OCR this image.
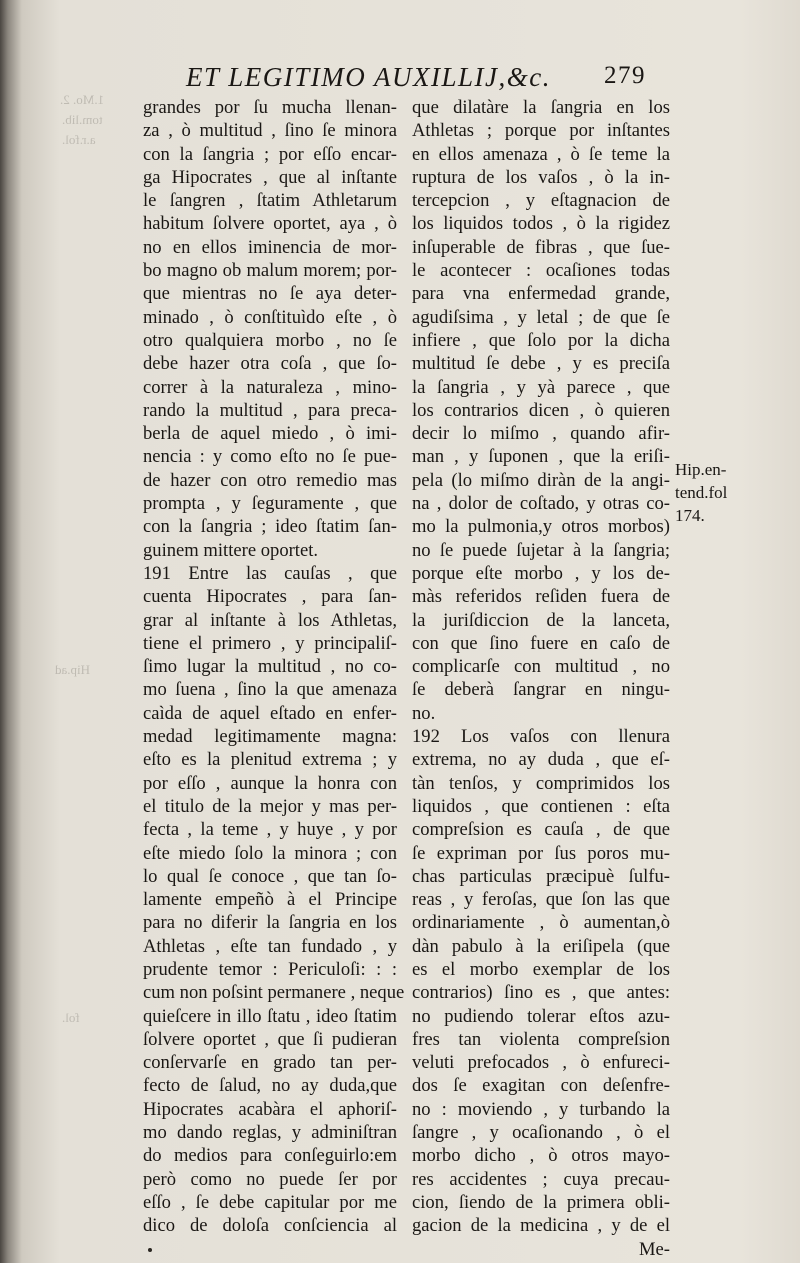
1.Mo. 2.
tom.lib.
a.r.fol.
Hip.ad
fol.
ET LEGITIMO AUXILLIJ,&c. 279
grandes por ſu mucha llenan-
za , ò multitud , ſino ſe minora
con la ſangria ; por eſſo encar-
ga Hipocrates , que al inſtante
le ſangren , ſtatim Athletarum
habitum ſolvere oportet, aya , ò
no en ellos iminencia de mor-
bo magno ob malum morem; por-
que mientras no ſe aya deter-
minado , ò conſtituìdo eſte , ò
otro qualquiera morbo , no ſe
debe hazer otra coſa , que ſo-
correr à la naturaleza , mino-
rando la multitud , para preca-
berla de aquel miedo , ò imi-
nencia : y como eſto no ſe pue-
de hazer con otro remedio mas
prompta , y ſeguramente , que
con la ſangria ; ideo ſtatim ſan-
guinem mittere oportet.
191 Entre las cauſas , que
cuenta Hipocrates , para ſan-
grar al inſtante à los Athletas,
tiene el primero , y principaliſ-
ſimo lugar la multitud , no co-
mo ſuena , ſino la que amenaza
caìda de aquel eſtado en enfer-
medad legitimamente magna:
eſto es la plenitud extrema ; y
por eſſo , aunque la honra con
el titulo de la mejor y mas per-
fecta , la teme , y huye , y por
eſte miedo ſolo la minora ; con
lo qual ſe conoce , que tan ſo-
lamente empeñò à el Principe
para no diferir la ſangria en los
Athletas , eſte tan fundado , y
prudente temor : Periculoſi: : :
cum non poſsint permanere , neque
quieſcere in illo ſtatu , ideo ſtatim
ſolvere oportet , que ſi pudieran
conſervarſe en grado tan per-
fecto de ſalud, no ay duda,que
Hipocrates acabàra el aphoriſ-
mo dando reglas, y adminiſtran
do medios para conſeguirlo:em
però como no puede ſer por
eſſo , ſe debe capitular por me
dico de doloſa conſciencia al
que dilatàre la ſangria en los
Athletas ; porque por inſtantes
en ellos amenaza , ò ſe teme la
ruptura de los vaſos , ò la in-
tercepcion , y eſtagnacion de
los liquidos todos , ò la rigidez
inſuperable de fibras , que ſue-
le acontecer : ocaſiones todas
para vna enfermedad grande,
agudiſsima , y letal ; de que ſe
infiere , que ſolo por la dicha
multitud ſe debe , y es preciſa
la ſangria , y yà parece , que
los contrarios dicen , ò quieren
decir lo miſmo , quando afir-
man , y ſuponen , que la eriſi-
pela (lo miſmo diràn de la angi-
na , dolor de coſtado, y otras co-
mo la pulmonia,y otros morbos)
no ſe puede ſujetar à la ſangria;
porque eſte morbo , y los de-
màs referidos reſiden fuera de
la juriſdiccion de la lanceta,
con que ſino fuere en caſo de
complicarſe con multitud , no
ſe deberà ſangrar en ningu-
no.
192 Los vaſos con llenura
extrema, no ay duda , que eſ-
tàn tenſos, y comprimidos los
liquidos , que contienen : eſta
compreſsion es cauſa , de que
ſe expriman por ſus poros mu-
chas particulas præcipuè ſulfu-
reas , y feroſas, que ſon las que
ordinariamente , ò aumentan,ò
dàn pabulo à la eriſipela (que
es el morbo exemplar de los
contrarios) ſino es , que antes:
no pudiendo tolerar eſtos azu-
fres tan violenta compreſsion
veluti prefocados , ò enfureci-
dos ſe exagitan con deſenfre-
no : moviendo , y turbando la
ſangre , y ocaſionando , ò el
morbo dicho , ò otros mayo-
res accidentes ; cuya precau-
cion, ſiendo de la primera obli-
gacion de la medicina , y de el
Me-
Hip.en-
tend.fol
174.
